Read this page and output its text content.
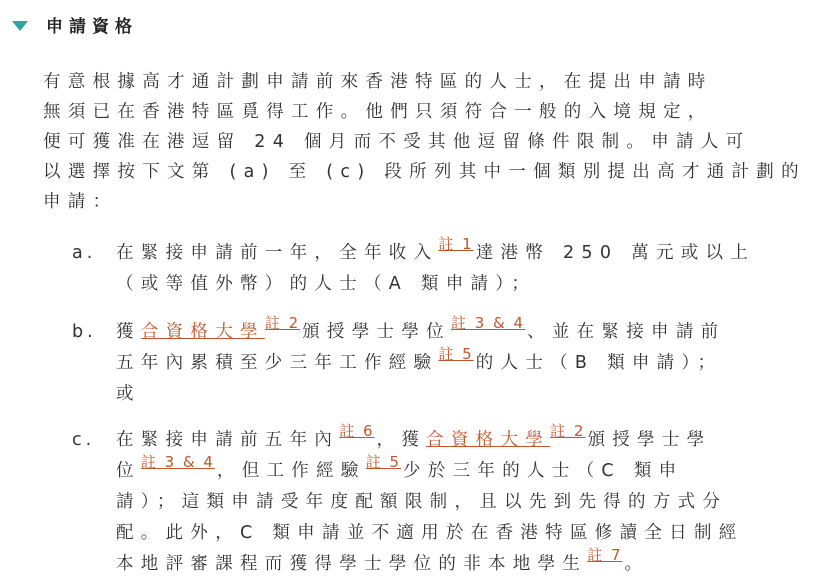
申請資格
有意根據高才通計劃申請前來香港特區的人士，在提出申請時
無須已在香港特區覓得工作。他們只須符合一般的入境規定，
便可獲准在港逗留 24 個月而不受其他逗留條件限制。申請人可
以選擇按下文第 (a) 至 (c) 段所列其中一個類別提出高才通計劃的
申請：
a. 在緊接申請前一年，全年收入$^{註 1}$ 達港幣 250 萬元或以上
（或等值外幣）的人士（A 類申請）；
b. 獲合資格大學$^{註 2}$ 頒授學士學位$^{註 3 \& 4}$ 、並在緊接申請前
五年內累積至少三年工作經驗$^{註 5}$ 的人士（B 類申請）；
或
c. 在緊接申請前五年內$^{註 6}$ ，獲合資格大學$^{註 2}$ 頒授學士學
位$^{註 3 \& 4}$ ，但工作經驗$^{註 5}$ 少於三年的人士（C 類申
請）；這類申請受年度配額限制，且以先到先得的方式分
配。此外，C 類申請並不適用於在香港特區修讀全日制經
本地評審課程而獲得學士學位的非本地學生$^{註 7}$ 。
